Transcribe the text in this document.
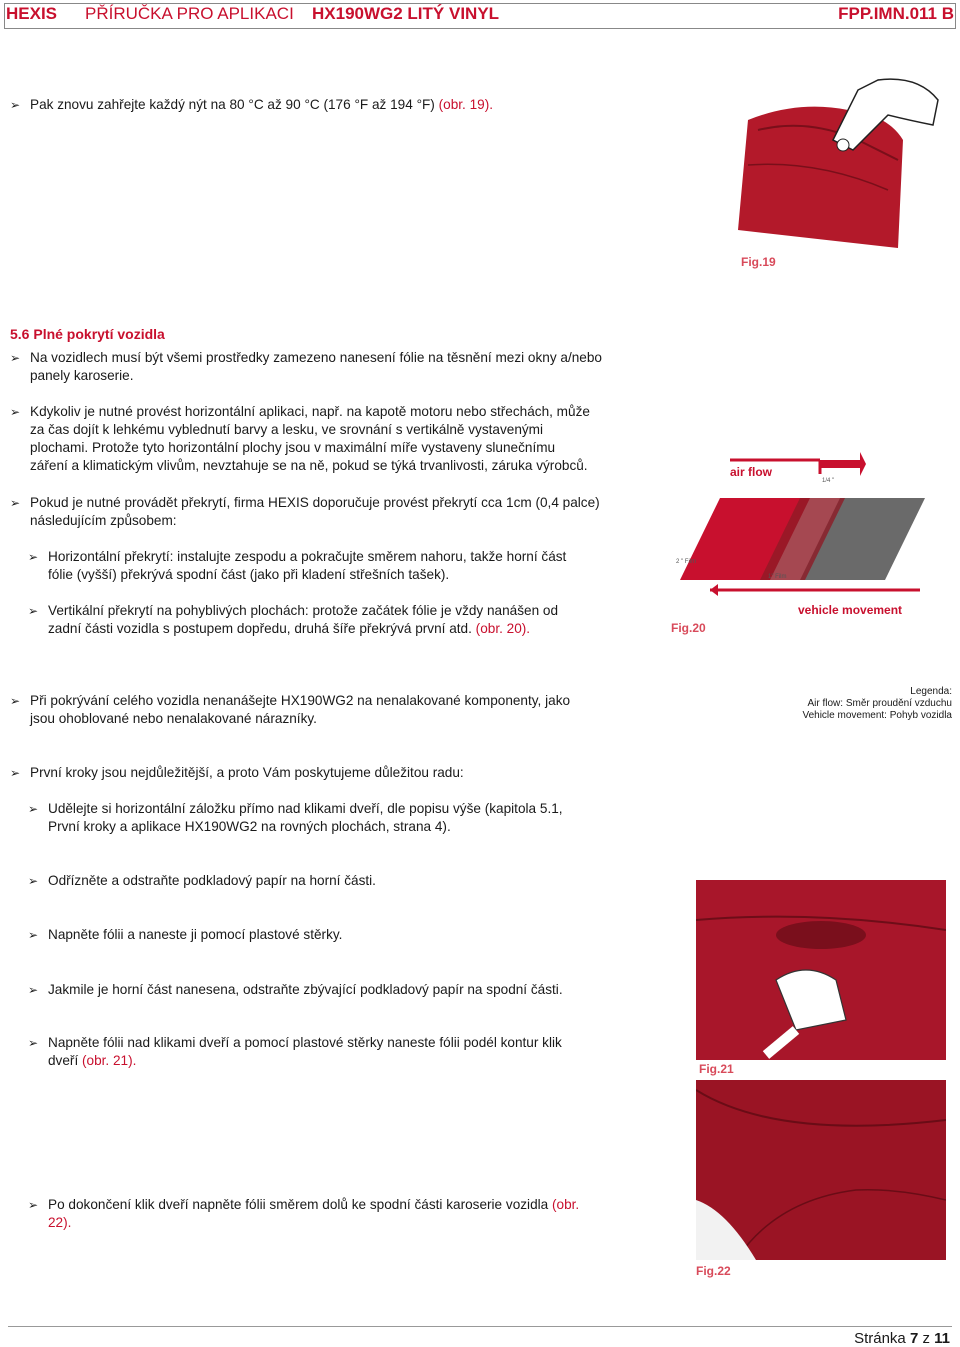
HEXIS PŘÍRUČKA PRO APLIKACI HX190WG2 LITÝ VINYL	FPP.IMN.011 B
➢ Pak znovu zahřejte každý nýt na 80 °C až 90 °C (176 °F až 194 °F) (obr. 19).
Fig.19
5.6 Plné pokrytí vozidla
➢ Na vozidlech musí být všemi prostředky zamezeno nanesení fólie na těsnění mezi okny a/nebo panely karoserie.
➢ Kdykoliv je nutné provést horizontální aplikaci, např. na kapotě motoru nebo střechách, může za čas dojít k lehkému vyblednutí barvy a lesku, ve srovnání s vertikálně vystavenými plochami. Protože tyto horizontální plochy jsou v maximální míře vystaveny slunečnímu záření a klimatickým vlivům, nevztahuje se na ně, pokud se týká trvanlivosti, záruka výrobců.
➢ Pokud je nutné provádět překrytí, firma HEXIS doporučuje provést překrytí cca 1cm (0,4 palce) následujícím způsobem:
➢ Horizontální překrytí: instalujte zespodu a pokračujte směrem nahoru, takže horní část fólie (vyšší) překrývá spodní část (jako při kladení střešních tašek).
➢ Vertikální překrytí na pohyblivých plochách: protože začátek fólie je vždy nanášen od zadní části vozidla s postupem dopředu, druhá šíře překrývá první atd. (obr. 20).
2 " Film
1" Film
1/4 "
air flow
vehicle movement
Fig.20
Legenda:
Air flow: Směr proudění vzduchu
Vehicle movement: Pohyb vozidla
➢ Při pokrývání celého vozidla nenanášejte HX190WG2 na nenalakované komponenty, jako jsou ohoblované nebo nenalakované nárazníky.
➢ První kroky jsou nejdůležitější, a proto Vám poskytujeme důležitou radu:
➢ Udělejte si horizontální záložku přímo nad klikami dveří, dle popisu výše (kapitola 5.1, První kroky a aplikace HX190WG2 na rovných plochách, strana 4).
➢ Odřízněte a odstraňte podkladový papír na horní části.
➢ Napněte fólii a naneste ji pomocí plastové stěrky.
➢ Jakmile je horní část nanesena, odstraňte zbývající podkladový papír na spodní části.
➢ Napněte fólii nad klikami dveří a pomocí plastové stěrky naneste fólii podél kontur klik dveří (obr. 21).
➢ Po dokončení klik dveří napněte fólii směrem dolů ke spodní části karoserie vozidla (obr. 22).
Fig.21
Fig.22
Stránka 7 z 11
